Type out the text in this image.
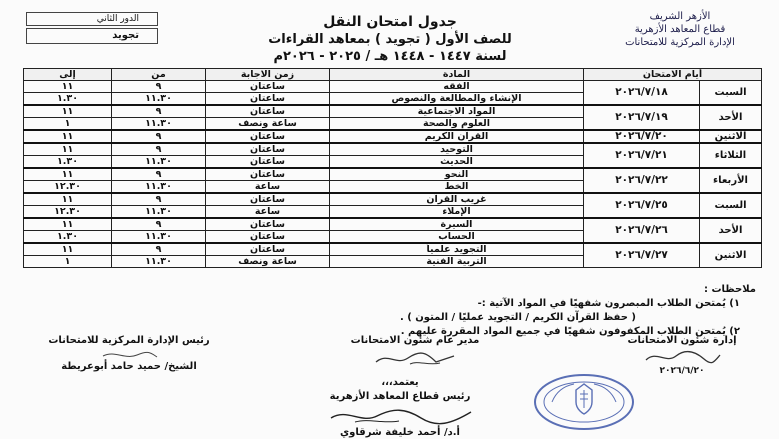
الأزهر الشريف
قطاع المعاهد الأزهرية
الإدارة المركزية للامتحانات
جدول امتحان النقل
للصف الأول ( تجويد ) بمعاهد القراءات
لسنة ١٤٤٧ - ١٤٤٨ هـ / ٢٠٢٥ - ٢٠٢٦م
الدور الثاني
تجويد
أيام الامتحان		المادة	زمن الاجابة	من	إلى
السبت	٢٠٢٦/٧/١٨	الفقه	ساعتان	٩	١١
		الإنشاء والمطالعة والنصوص	ساعتان	١١.٣٠	١.٣٠
الأحد	٢٠٢٦/٧/١٩	المواد الاجتماعية	ساعتان	٩	١١
		العلوم والصحة	ساعة ونصف	١١.٣٠	١
الاثنين	٢٠٢٦/٧/٢٠	القرآن الكريم	ساعتان	٩	١١
الثلاثاء	٢٠٢٦/٧/٢١	التوحيد	ساعتان	٩	١١
		الحديث	ساعتان	١١.٣٠	١.٣٠
الأربعاء	٢٠٢٦/٧/٢٢	النحو	ساعتان	٩	١١
		الخط	ساعة	١١.٣٠	١٢.٣٠
السبت	٢٠٢٦/٧/٢٥	غريب القرآن	ساعتان	٩	١١
		الإملاء	ساعة	١١.٣٠	١٢.٣٠
الأحد	٢٠٢٦/٧/٢٦	السيرة	ساعتان	٩	١١
		الحساب	ساعتان	١١.٣٠	١.٣٠
الاثنين	٢٠٢٦/٧/٢٧	التجويد علمياً	ساعتان	٩	١١
		التربية الفنية	ساعة ونصف	١١.٣٠	١
ملاحظات :
١) يُمتحن الطلاب المبصرون شفهيًا في المواد الآتية :-
( حفظ القرآن الكريم / التجويد عمليًا / المتون ) .
٢) يُمتحن الطلاب المكفوفون شفهيًا في جميع المواد المقررة عليهم .
إدارة شئون الامتحانات
٢٠٢٦/٦/٢٠
مدير عام شئون الامتحانات
رئيس الإدارة المركزية للامتحانات
الشيخ/ حميد حامد أبوعريطة
يعتمد،،،
رئيس قطاع المعاهد الأزهرية
أ.د/ أحمد خليفة شرقاوي
